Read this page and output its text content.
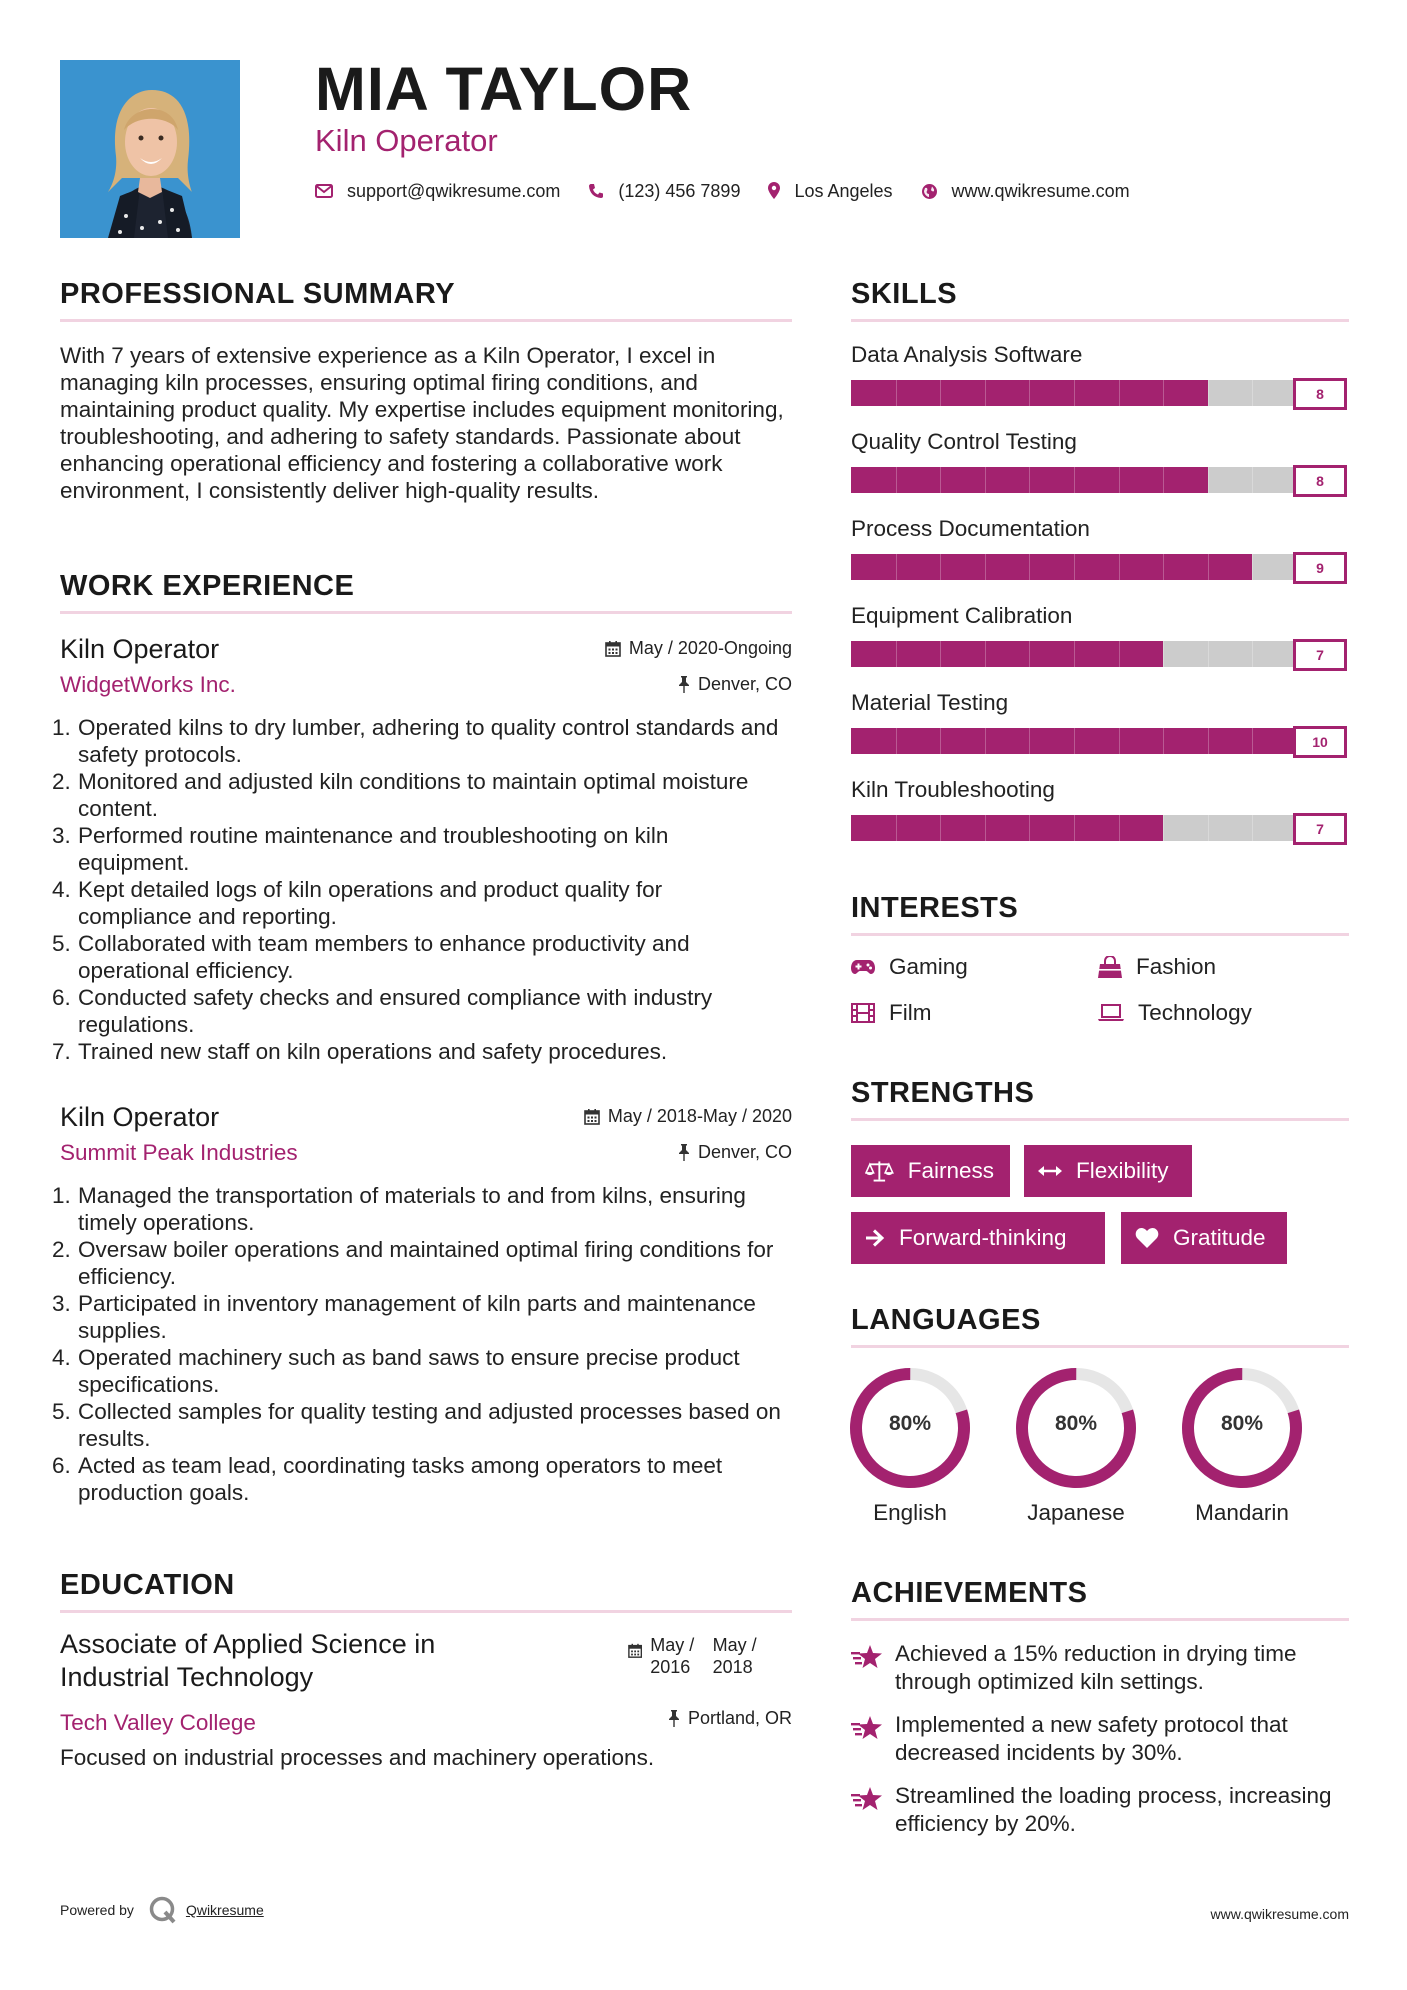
MIA TAYLOR
Kiln Operator
support@qwikresume.com	(123) 456 7899	Los Angeles	www.qwikresume.com
PROFESSIONAL SUMMARY

With 7 years of extensive experience as a Kiln Operator, I excel in managing kiln processes, ensuring optimal firing conditions, and maintaining product quality. My expertise includes equipment monitoring, troubleshooting, and adhering to safety standards. Passionate about enhancing operational efficiency and fostering a collaborative work environment, I consistently deliver high-quality results.

WORK EXPERIENCE
Kiln Operator
WidgetWorks Inc.
May / 2020-Ongoing
Denver, CO
1. Operated kilns to dry lumber, adhering to quality control standards and safety protocols.
2. Monitored and adjusted kiln conditions to maintain optimal moisture content.
3. Performed routine maintenance and troubleshooting on kiln equipment.
4. Kept detailed logs of kiln operations and product quality for compliance and reporting.
5. Collaborated with team members to enhance productivity and operational efficiency.
6. Conducted safety checks and ensured compliance with industry regulations.
7. Trained new staff on kiln operations and safety procedures.
Kiln Operator
Summit Peak Industries
May / 2018-May / 2020
Denver, CO
1. Managed the transportation of materials to and from kilns, ensuring timely operations.
2. Oversaw boiler operations and maintained optimal firing conditions for efficiency.
3. Participated in inventory management of kiln parts and maintenance supplies.
4. Operated machinery such as band saws to ensure precise product specifications.
5. Collected samples for quality testing and adjusted processes based on results.
6. Acted as team lead, coordinating tasks among operators to meet production goals.
EDUCATION
Associate of Applied Science in Industrial Technology
May / 2016
May / 2018
Tech Valley College	Portland, OR
Focused on industrial processes and machinery operations.
SKILLS
Data Analysis Software
8
Quality Control Testing
8
Process Documentation
9
Equipment Calibration
7
Material Testing
10
Kiln Troubleshooting
7
INTERESTS
Gaming	Fashion
Film	Technology
STRENGTHS
Fairness	Flexibility
Forward-thinking	Gratitude
LANGUAGES
80%
English
80%
Japanese
80%
Mandarin
ACHIEVEMENTS
Achieved a 15% reduction in drying time through optimized kiln settings.
Implemented a new safety protocol that decreased incidents by 30%.
Streamlined the loading process, increasing efficiency by 20%.
Powered by	Qwikresume	www.qwikresume.com
